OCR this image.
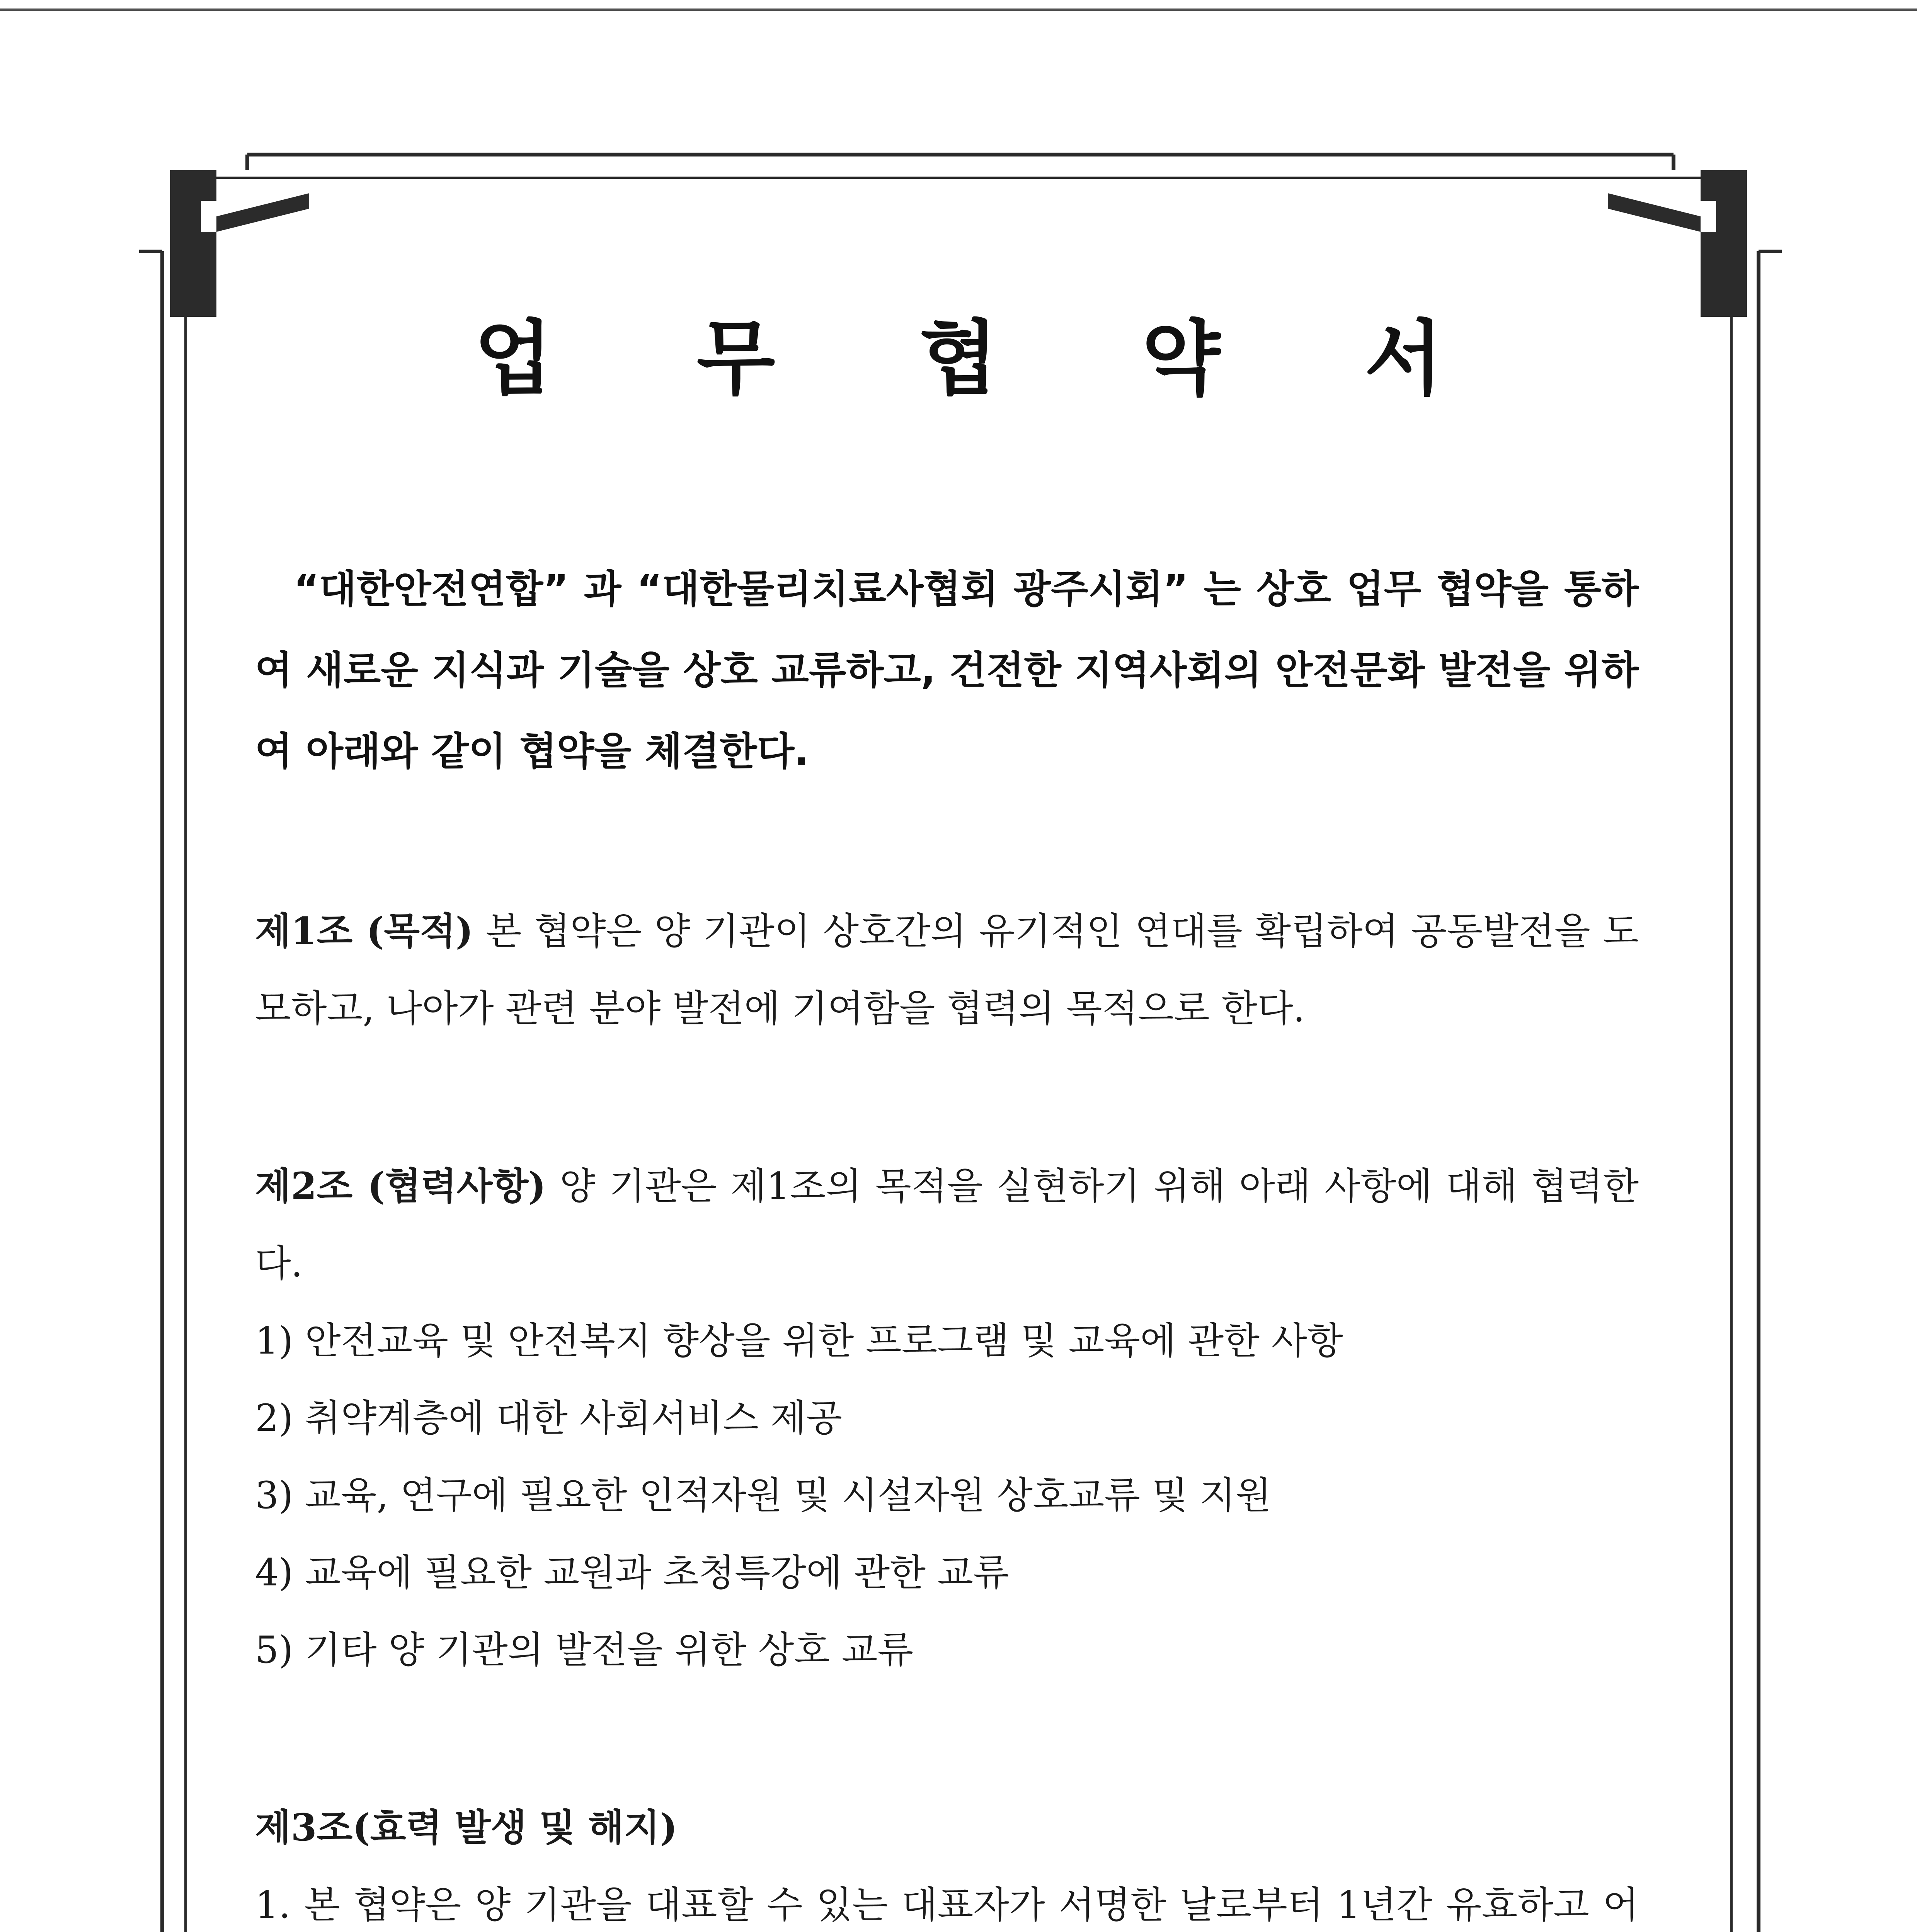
업 무 협 약 서

“대한안전연합” 과 “대한물리치료사협회 광주시회” 는 상호 업무 협약을 통하여 새로운 지식과 기술을 상호 교류하고, 건전한 지역사회의 안전문화 발전을 위하여 아래와 같이 협약을 체결한다.

제1조 (목적) 본 협약은 양 기관이 상호간의 유기적인 연대를 확립하여 공동발전을 도모하고, 나아가 관련 분야 발전에 기여함을 협력의 목적으로 한다.

제2조 (협력사항) 양 기관은 제1조의 목적을 실현하기 위해 아래 사항에 대해 협력한다.

1) 안전교육 및 안전복지 향상을 위한 프로그램 및 교육에 관한 사항

2) 취약계층에 대한 사회서비스 제공

3) 교육, 연구에 필요한 인적자원 및 시설자원 상호교류 및 지원

4) 교육에 필요한 교원과 초청특강에 관한 교류

5) 기타 양 기관의 발전을 위한 상호 교류

제3조(효력 발생 및 해지)

1. 본 협약은 양 기관을 대표할 수 있는 대표자가 서명한 날로부터 1년간 유효하고 어
